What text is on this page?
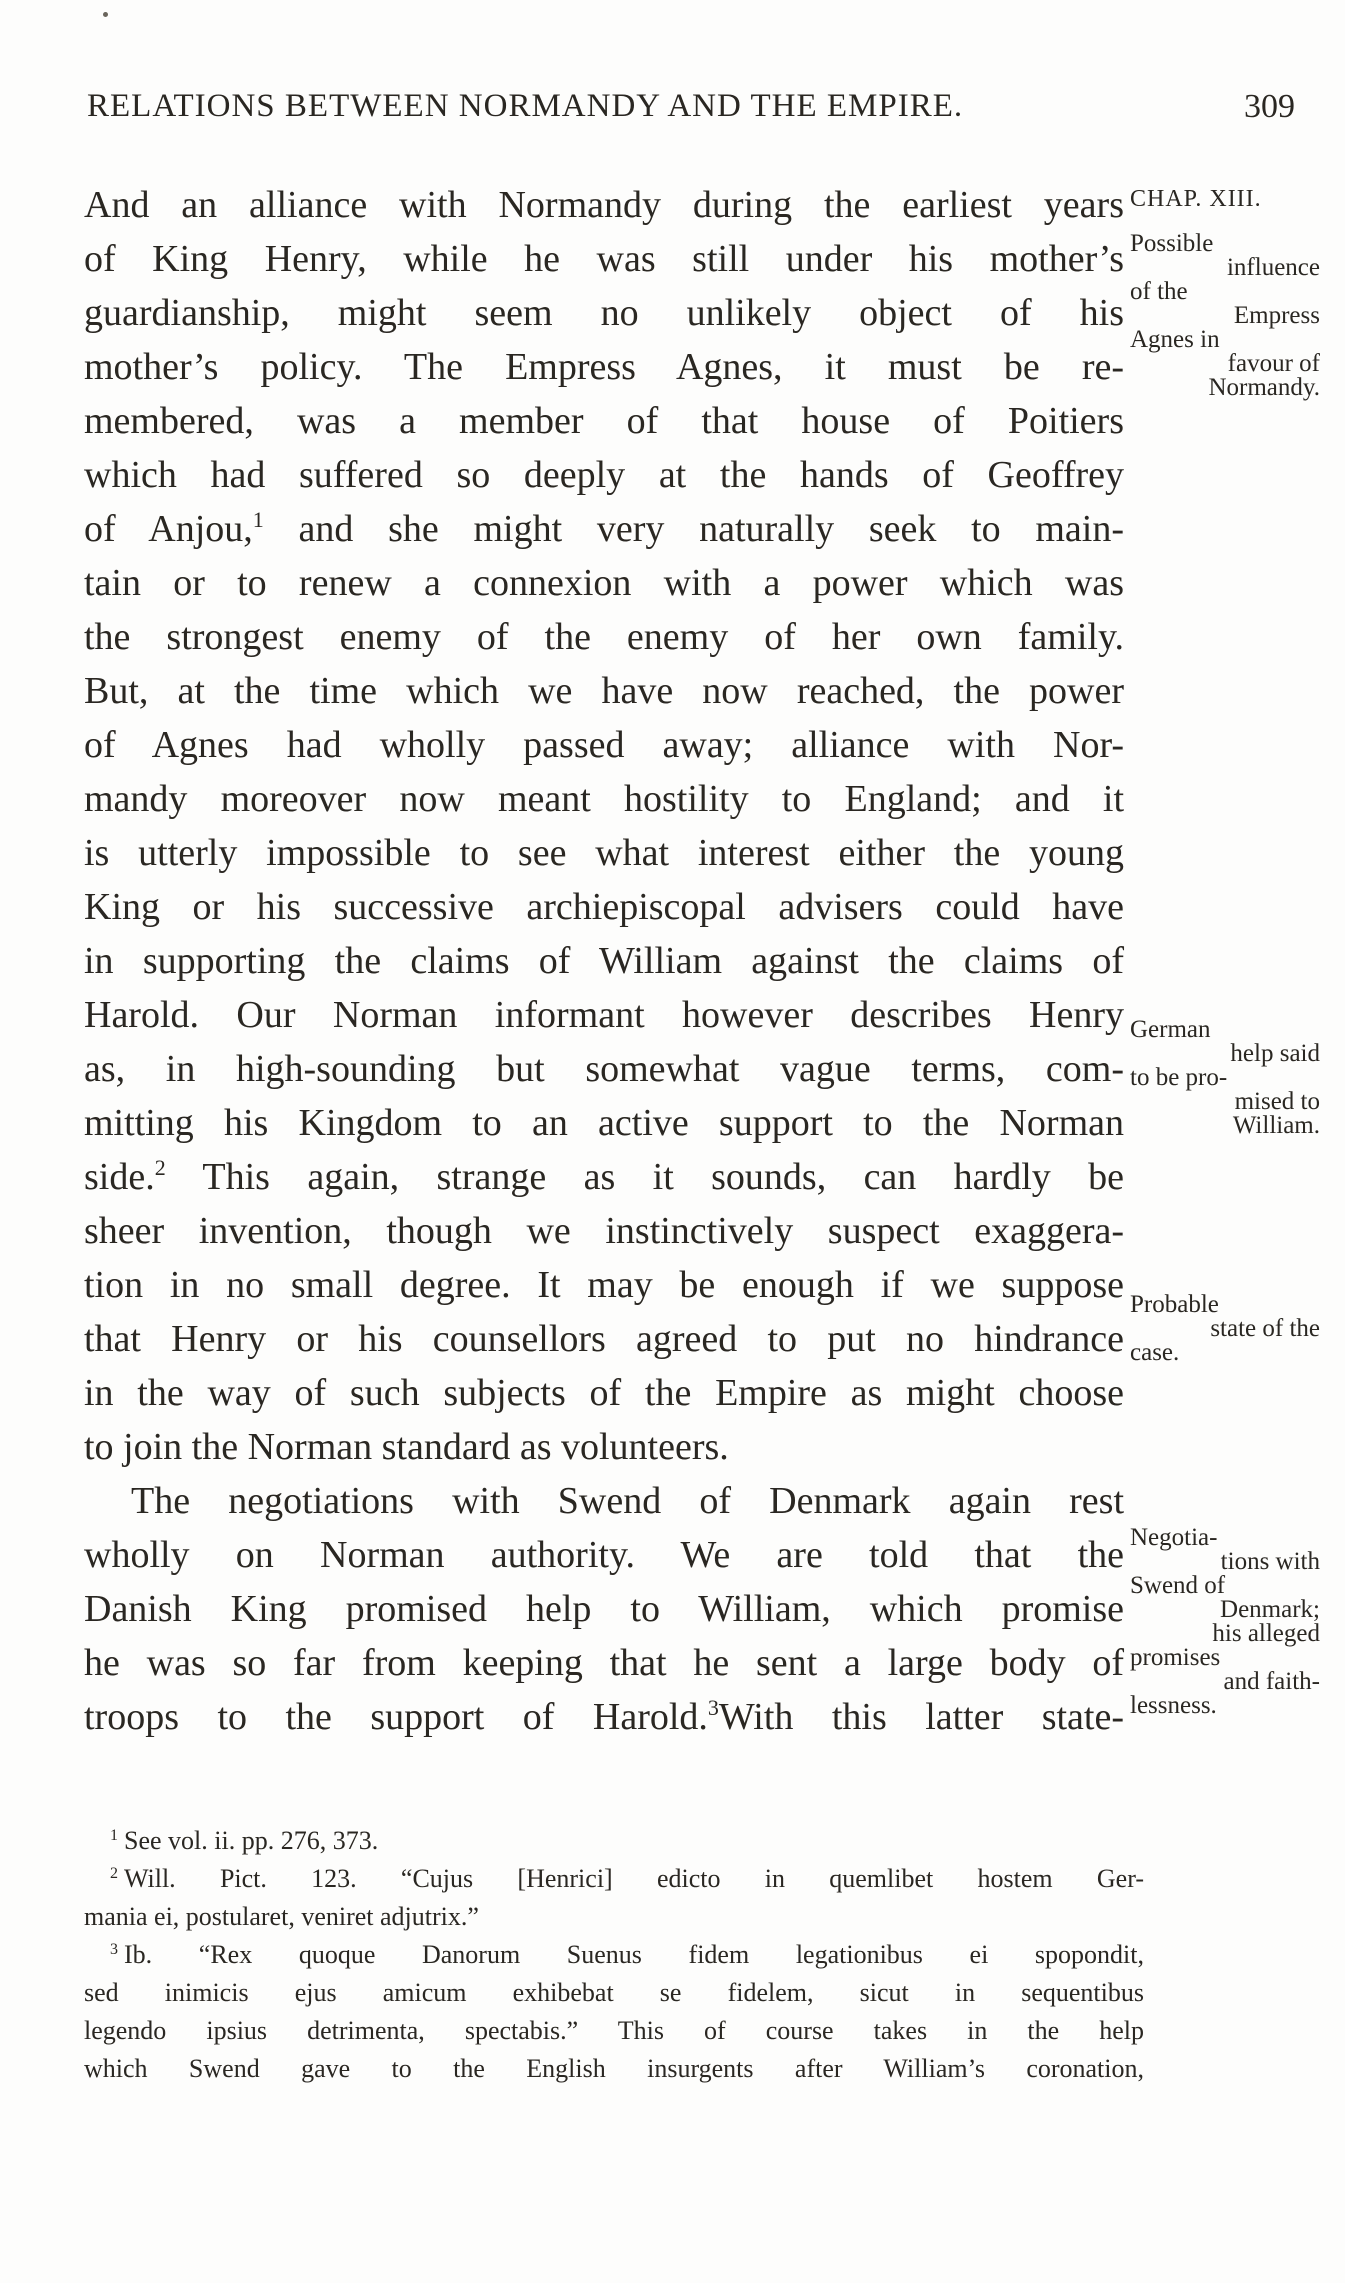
RELATIONS BETWEEN NORMANDY AND THE EMPIRE.	309
And an alliance with Normandy during the earliest years
of King Henry, while he was still under his mother’s
guardianship, might seem no unlikely object of his
mother’s policy. The Empress Agnes, it must be re-
membered, was a member of that house of Poitiers
which had suffered so deeply at the hands of Geoffrey
of Anjou,$^1$ and she might very naturally seek to main-
tain or to renew a connexion with a power which was
the strongest enemy of the enemy of her own family.
But, at the time which we have now reached, the power
of Agnes had wholly passed away; alliance with Nor-
mandy moreover now meant hostility to England; and it
is utterly impossible to see what interest either the young
King or his successive archiepiscopal advisers could have
in supporting the claims of William against the claims of
Harold. Our Norman informant however describes Henry
as, in high-sounding but somewhat vague terms, com-
mitting his Kingdom to an active support to the Norman
side.$^2$ This again, strange as it sounds, can hardly be
sheer invention, though we instinctively suspect exaggera-
tion in no small degree. It may be enough if we suppose
that Henry or his counsellors agreed to put no hindrance
in the way of such subjects of the Empire as might choose
to join the Norman standard as volunteers.
The negotiations with Swend of Denmark again rest
wholly on Norman authority. We are told that the
Danish King promised help to William, which promise
he was so far from keeping that he sent a large body of
troops to the support of Harold.$^3$With this latter state-
CHAP. XIII.
Possible
influence
of the
Empress
Agnes in
favour of
Normandy.
German
help said
to be pro-
mised to
William.
Probable
state of the
case.
Negotia-
tions with
Swend of
Denmark;
his alleged
promises
and faith-
lessness.
$^1$ See vol. ii. pp. 276, 373.
$^2$ Will. Pict. 123. “Cujus [Henrici] edicto in quemlibet hostem Ger-
mania ei, postularet, veniret adjutrix.”
$^3$ Ib. “Rex quoque Danorum Suenus fidem legationibus ei spopondit,
sed inimicis ejus amicum exhibebat se fidelem, sicut in sequentibus
legendo ipsius detrimenta, spectabis.” This of course takes in the help
which Swend gave to the English insurgents after William’s coronation,
